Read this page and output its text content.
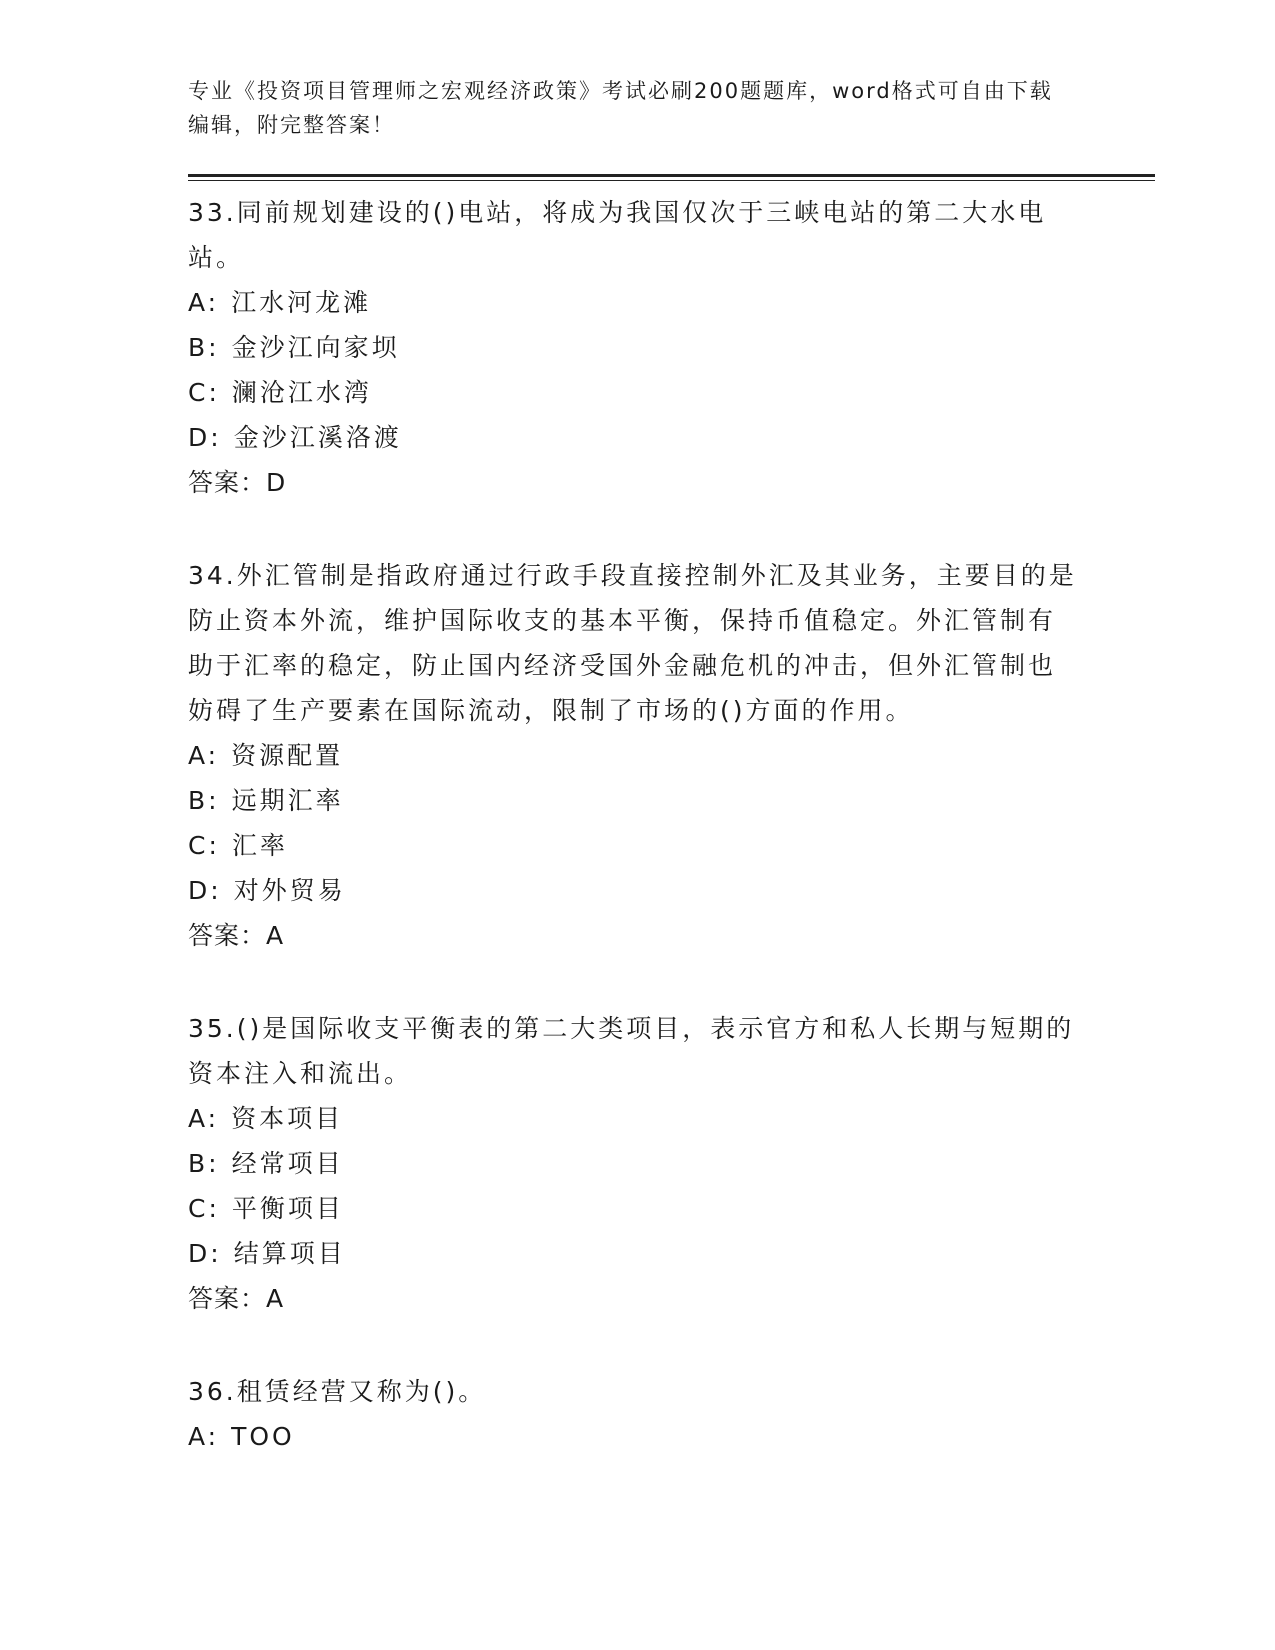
专业《投资项目管理师之宏观经济政策》考试必刷200题题库，word格式可自由下载编辑，附完整答案！

33.同前规划建设的()电站，将成为我国仅次于三峡电站的第二大水电站。

A: 江水河龙滩

B: 金沙江向家坝

C: 澜沧江水湾

D: 金沙江溪洛渡

答案：D

34.外汇管制是指政府通过行政手段直接控制外汇及其业务，主要目的是防止资本外流，维护国际收支的基本平衡，保持币值稳定。外汇管制有助于汇率的稳定，防止国内经济受国外金融危机的冲击，但外汇管制也妨碍了生产要素在国际流动，限制了市场的()方面的作用。

A: 资源配置

B: 远期汇率

C: 汇率

D: 对外贸易

答案：A

35.()是国际收支平衡表的第二大类项目，表示官方和私人长期与短期的资本注入和流出。

A: 资本项目

B: 经常项目

C: 平衡项目

D: 结算项目

答案：A

36.租赁经营又称为()。

A: TOO
